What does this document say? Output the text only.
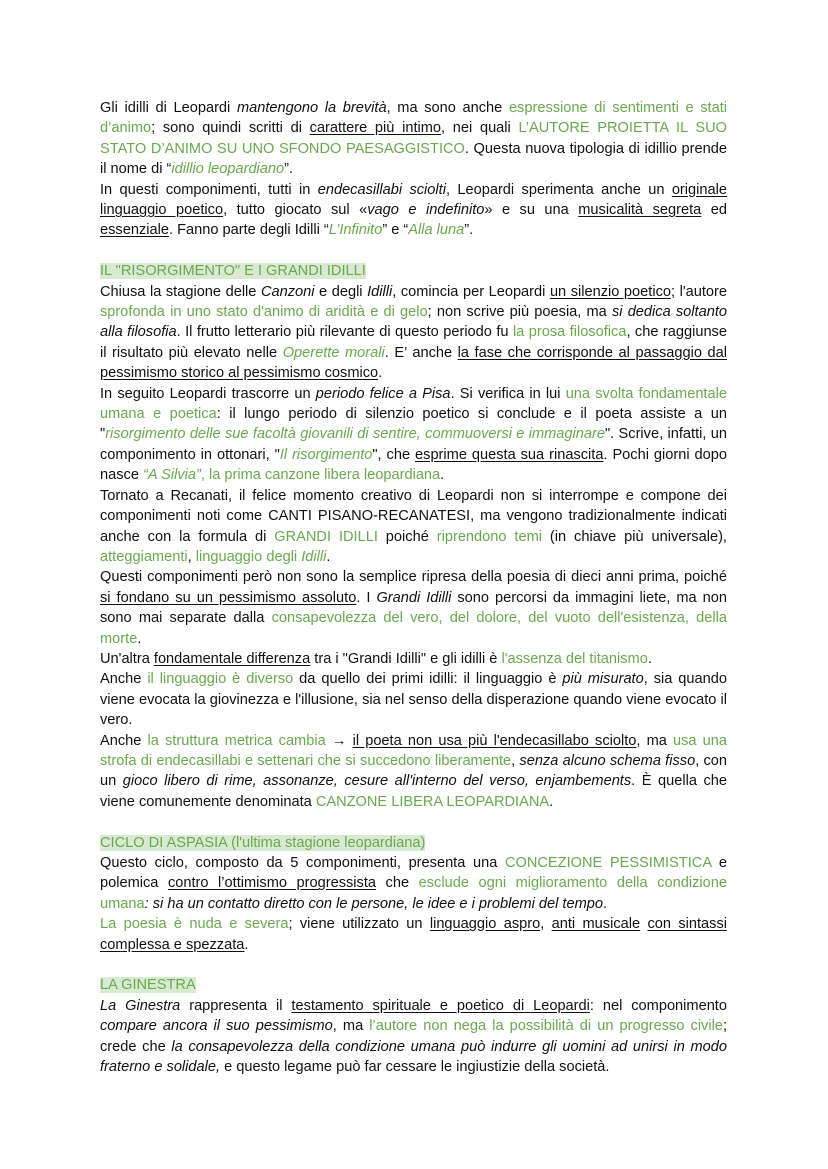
Gli idilli di Leopardi mantengono la brevità, ma sono anche espressione di sentimenti e stati d’animo; sono quindi scritti di carattere più intimo, nei quali L’AUTORE PROIETTA IL SUO STATO D’ANIMO SU UNO SFONDO PAESAGGISTICO. Questa nuova tipologia di idillio prende il nome di “idillio leopardiano”.

In questi componimenti, tutti in endecasillabi sciolti, Leopardi sperimenta anche un originale linguaggio poetico, tutto giocato sul «vago e indefinito» e su una musicalità segreta ed essenziale. Fanno parte degli Idilli “L’Infinito” e “Alla luna”.

IL "RISORGIMENTO" E I GRANDI IDILLI

Chiusa la stagione delle Canzoni e degli Idilli, comincia per Leopardi un silenzio poetico; l'autore sprofonda in uno stato d'animo di aridità e di gelo; non scrive più poesia, ma si dedica soltanto alla filosofia. Il frutto letterario più rilevante di questo periodo fu la prosa filosofica, che raggiunse il risultato più elevato nelle Operette morali. E’ anche la fase che corrisponde al passaggio dal pessimismo storico al pessimismo cosmico.

In seguito Leopardi trascorre un periodo felice a Pisa. Si verifica in lui una svolta fondamentale umana e poetica: il lungo periodo di silenzio poetico si conclude e il poeta assiste a un "risorgimento delle sue facoltà giovanili di sentire, commuoversi e immaginare". Scrive, infatti, un componimento in ottonari, "Il risorgimento", che esprime questa sua rinascita. Pochi giorni dopo nasce “A Silvia”, la prima canzone libera leopardiana.

Tornato a Recanati, il felice momento creativo di Leopardi non si interrompe e compone dei componimenti noti come CANTI PISANO-RECANATESI, ma vengono tradizionalmente indicati anche con la formula di GRANDI IDILLI poiché riprendono temi (in chiave più universale), atteggiamenti, linguaggio degli Idilli.

Questi componimenti però non sono la semplice ripresa della poesia di dieci anni prima, poiché si fondano su un pessimismo assoluto. I Grandi Idilli sono percorsi da immagini liete, ma non sono mai separate dalla consapevolezza del vero, del dolore, del vuoto dell'esistenza, della morte.

Un'altra fondamentale differenza tra i "Grandi Idilli" e gli idilli è l'assenza del titanismo.

Anche il linguaggio è diverso da quello dei primi idilli: il linguaggio è più misurato, sia quando viene evocata la giovinezza e l'illusione, sia nel senso della disperazione quando viene evocato il vero.

Anche la struttura metrica cambia → il poeta non usa più l'endecasillabo sciolto, ma usa una strofa di endecasillabi e settenari che si succedono liberamente, senza alcuno schema fisso, con un gioco libero di rime, assonanze, cesure all'interno del verso, enjambements. È quella che viene comunemente denominata CANZONE LIBERA LEOPARDIANA.

CICLO DI ASPASIA (l'ultima stagione leopardiana)

Questo ciclo, composto da 5 componimenti, presenta una CONCEZIONE PESSIMISTICA e polemica contro l’ottimismo progressista che esclude ogni miglioramento della condizione umana: si ha un contatto diretto con le persone, le idee e i problemi del tempo.

La poesia è nuda e severa; viene utilizzato un linguaggio aspro, anti musicale con sintassi complessa e spezzata.

LA GINESTRA

La Ginestra rappresenta il testamento spirituale e poetico di Leopardi: nel componimento compare ancora il suo pessimismo, ma l’autore non nega la possibilità di un progresso civile; crede che la consapevolezza della condizione umana può indurre gli uomini ad unirsi in modo fraterno e solidale, e questo legame può far cessare le ingiustizie della società.
